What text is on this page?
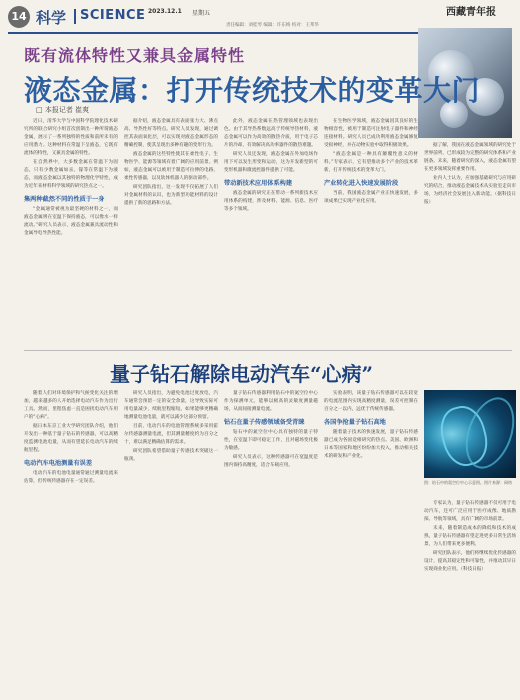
14 科学 SCIENCE 2023.12.1 星期五	西藏青年报
责任编辑：刘桂琴 编辑：许东梅 校对：王邦华
既有流体特性又兼具金属特性
液态金属：打开传统技术的变革大门
□ 本报记者 崔爽

近日，清华大学与中国科学院理化技术研究所的联合研究小组首次创制出一种所谓液态金属，展示了一系列独特的性质和前所未有的应用潜力。这种材料在常温下呈液态，它既有流体的特性，又兼具金属的特性。

在自然界中，大多数金属在常温下为固态，只有少数金属如汞、镓等在常温下为液态，而液态金属以其独特的物理化学特性，成为近年来材料科学领域的研究热点之一。

集两种截然不同的性质于一身

“金属通常被视为最坚硬的材料之一，而液态金属则在室温下保持液态，可以像水一样流动。”研究人员表示，液态金属兼具流动性和金属导电导热性能。

据介绍，液态金属具有表面张力大、沸点高、导热性好等特点。研究人员发现，通过调控其表面氧化层，可以实现对液态金属形态的精确控制，使其呈现出多种有趣的变形行为。

液态金属的这些特性使其在柔性电子、生物医学、能源等领域有着广阔的应用前景。例如，液态金属可以被用于制造可拉伸的电路、柔性传感器，以及软体机器人的驱动部件。

研究团队指出，这一发现不仅拓展了人们对金属材料的认识，也为新型功能材料的设计提供了新的思路和方法。

此外，液态金属在热管理领域也表现出色。由于其导热系数远高于传统导热材料，液态金属可以作为高效的散热介质，用于电子芯片的冷却，有效解决高功率器件的散热难题。

研究人员还发现，液态金属在外加电场作用下可以发生形变和运动，这为开发新型的可变形机器和微流控器件提供了可能。

带动新技术应用体系构建

液态金属的研究正在带动一系列新技术应用体系的构建，涉及材料、能源、信息、医疗等多个领域。

在生物医学领域，液态金属因其良好的生物相容性，被用于制造可注射电子器件和神经连接材料。研究人员已成功利用液态金属修复受损神经，并在动物实验中取得积极效果。

“液态金属是一种具有颠覆性意义的材料。”专家表示，它有望推动多个产业的技术革新，打开传统技术的变革大门。

产业转化进入快速发展阶段

当前，我国液态金属产业正快速发展，多项成果已实现产业化应用。

据了解，我国在液态金属领域的研究处于世界前列，已形成较为完整的研究体系和产业链条。未来，随着研究的深入，液态金属有望在更多领域发挥重要作用。

业内人士认为，应加强基础研究与应用研究的结合，推动液态金属技术从实验室走向市场，为经济社会发展注入新动能。（据科技日报）

量子钻石解除电动汽车“心病”

随着人们对环境保护和气候变化关注的增加，越来越多的人开始选择电动汽车作为出行工具。然而，里程焦虑一直是困扰电动汽车用户的“心病”。

据日本东京工业大学研究团队介绍，他们开发出一种基于量子钻石的传感器，可以高精度监测电池电量，从而有望延长电动汽车的续航里程。

电动汽车电池测量有误差

电动汽车的电池电量通常通过测量电流来估算，但传统传感器存在一定误差。

研究人员指出，为避免电池过度放电，汽车通常会预留一定的安全余量，这导致实际可用电量减少，续航里程缩短。如果能够更精确地测量电池电量，就可以减少这部分预留。

目前，电动汽车的电池管理系统多采用霍尔传感器测量电流，但其测量精度约为百分之十，难以满足精确估算的需求。

研究团队希望借助量子传感技术突破这一瓶颈。

量子钻石传感器利用钻石中的氮空位中心作为探测单元，能够以极高的灵敏度测量磁场，从而间接测量电流。

钻石在量子传感领域备受青睐

钻石中的氮空位中心具有独特的量子特性，在室温下即可稳定工作，且对磁场变化极为敏感。

研究人员表示，这种传感器可在宽温度范围内保持高精度，适合车载应用。

实验表明，该量子钻石传感器可以在较宽的电流范围内实现高精度测量，误差可控制在百分之一以内，远优于传统传感器。

各国争抢量子钻石高地

随着量子技术的快速发展，量子钻石传感器已成为各国竞相研究的热点。美国、欧洲和日本等国家和地区纷纷加大投入，推动相关技术的研发和产业化。

图：钻石中的氮空位中心示意图。图片来源：网络

专家认为，量子钻石传感器不仅可用于电动汽车，还可广泛应用于医疗成像、地质勘探、导航等领域，具有广阔的市场前景。

未来，随着制造成本的降低和技术的成熟，量子钻石传感器有望走进更多日常生活场景，为人们带来更多便利。

研究团队表示，他们将继续优化传感器的设计，提高其稳定性和可靠性，并推动其早日实现商业化应用。（科技日报）
